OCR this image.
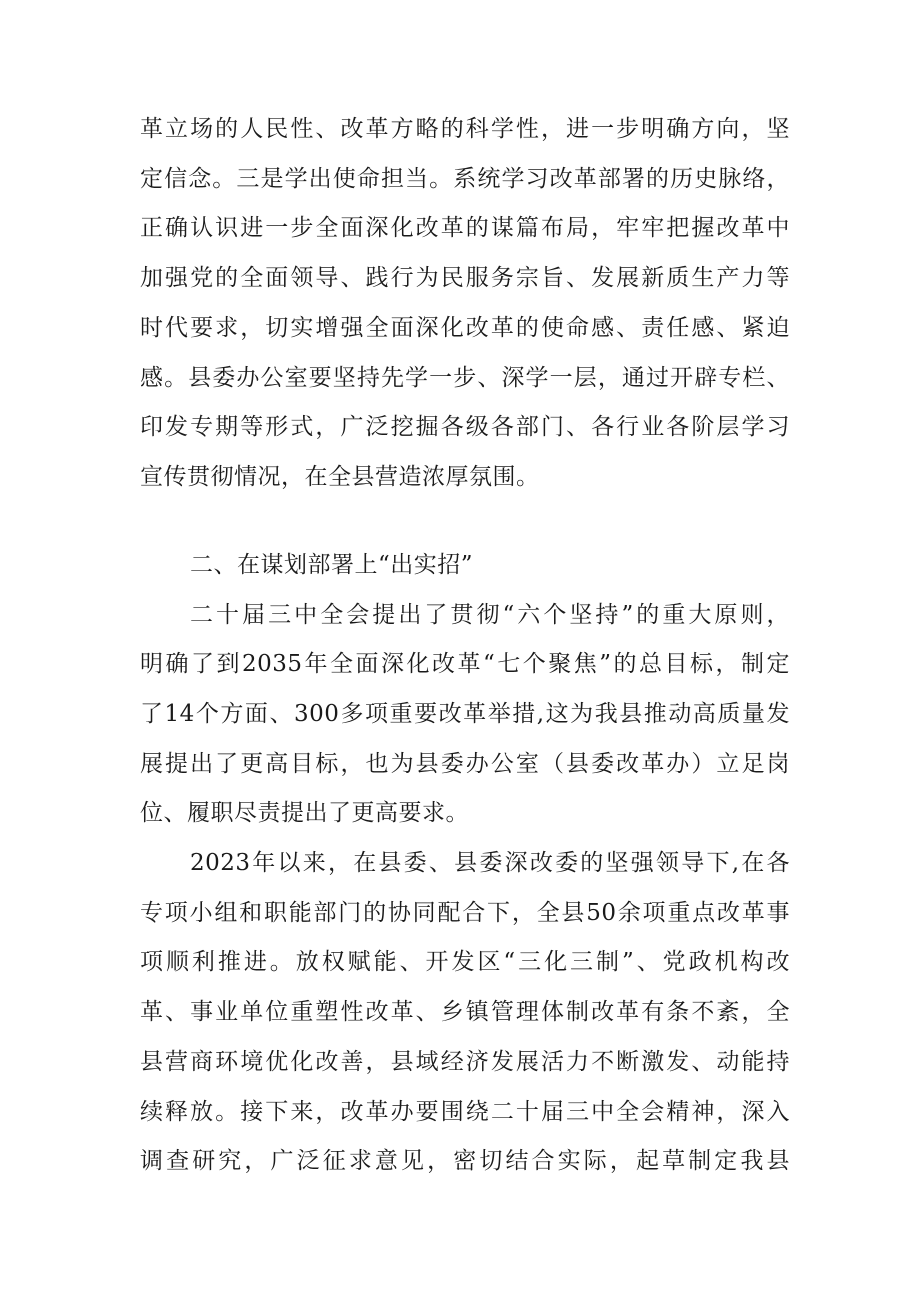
革立场的人民性、改革方略的科学性，进一步明确方向，坚
定信念。三是学出使命担当。系统学习改革部署的历史脉络，
正确认识进一步全面深化改革的谋篇布局，牢牢把握改革中
加强党的全面领导、践行为民服务宗旨、发展新质生产力等
时代要求，切实增强全面深化改革的使命感、责任感、紧迫
感。县委办公室要坚持先学一步、深学一层，通过开辟专栏、
印发专期等形式，广泛挖掘各级各部门、各行业各阶层学习
宣传贯彻情况，在全县营造浓厚氛围。
二、在谋划部署上“出实招”
二十届三中全会提出了贯彻“六个坚持”的重大原则，
明确了到2035年全面深化改革“七个聚焦”的总目标，制定
了14个方面、300多项重要改革举措,这为我县推动高质量发
展提出了更高目标，也为县委办公室（县委改革办）立足岗
位、履职尽责提出了更高要求。
2023年以来，在县委、县委深改委的坚强领导下,在各
专项小组和职能部门的协同配合下，全县50余项重点改革事
项顺利推进。放权赋能、开发区“三化三制”、党政机构改
革、事业单位重塑性改革、乡镇管理体制改革有条不紊，全
县营商环境优化改善，县域经济发展活力不断激发、动能持
续释放。接下来，改革办要围绕二十届三中全会精神，深入
调查研究，广泛征求意见，密切结合实际，起草制定我县
